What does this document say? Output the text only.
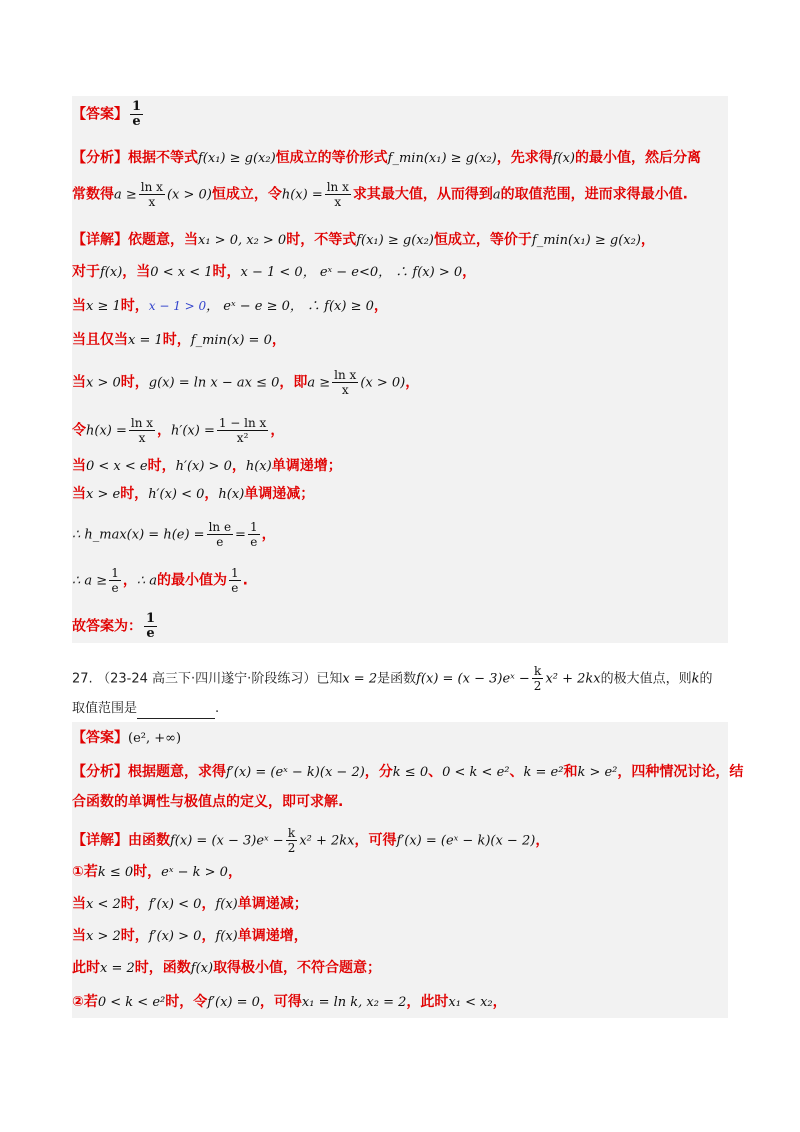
【答案】 $\frac{1}{e}$
【分析】根据不等式f(x₁) ≥ g(x₂)恒成立的等价形式f_min(x₁) ≥ g(x₂)，先求得f(x)的最小值，然后分离
常数得$a \ge \frac{\text{ln x}}{x} (x > 0)$恒成立，令$h(x) = \frac{\text{ln x}}{x}$ 求其最大值，从而得到a的取值范围，进而求得最小值.
【详解】依题意，当x₁ > 0, x₂ > 0时，不等式f(x₁) ≥ g(x₂)恒成立，等价于f_min(x₁) ≥ g(x₂)，
对于f(x)，当0 < x < 1时，x − 1 < 0， eˣ − e<0， ∴ f(x) > 0，
当x ≥ 1时，x − 1 > 0， eˣ − e ≥ 0， ∴ f(x) ≥ 0，
当且仅当x = 1时，f_min(x) = 0，
当x > 0时，g(x) = ln x − ax ≤ 0，即$a \ge \frac{\text{ln x}}{x} (x > 0)$，
令$h(x) = \frac{\text{ln x}}{x}$ ，$h'(x) = \frac{\text{1 − ln x}}{\text{x²}}$ ，
当0 < x < e时，h′(x) > 0，h(x)单调递增；
当x > e时，h′(x) < 0，h(x)单调递减；
∴ h_max(x) = $h(e) = \frac{\text{ln e}}{e} = \frac{1}{e}$ ，
∴ $a \ge \frac{1}{e}$ ，∴ a的最小值为 $\frac{1}{e}$ .
故答案为： $\frac{1}{e}$
27. （23-24 高三下·四川遂宁·阶段练习）已知x = 2是函数f(x) = (x − 3)eˣ − $\frac{k}{2} x^2 + 2kx$的极大值点，则k的
取值范围是	.
【答案】(e², +∞)
【分析】根据题意，求得f′(x) = (eˣ − k)(x − 2)，分k ≤ 0、0 < k < e²、k = e²和k > e²，四种情况讨论，结
合函数的单调性与极值点的定义，即可求解.
【详解】由函数f(x) = (x − 3)eˣ − $\frac{k}{2} x^2 + 2kx$，可得f′(x) = (eˣ − k)(x − 2)，
①若k ≤ 0时，eˣ − k > 0，
当x < 2时，f′(x) < 0，f(x)单调递减；
当x > 2时，f′(x) > 0，f(x)单调递增，
此时x = 2时，函数f(x)取得极小值，不符合题意；
②若0 < k < e²时，令f′(x) = 0，可得x₁ = ln k, x₂ = 2，此时x₁ < x₂，
